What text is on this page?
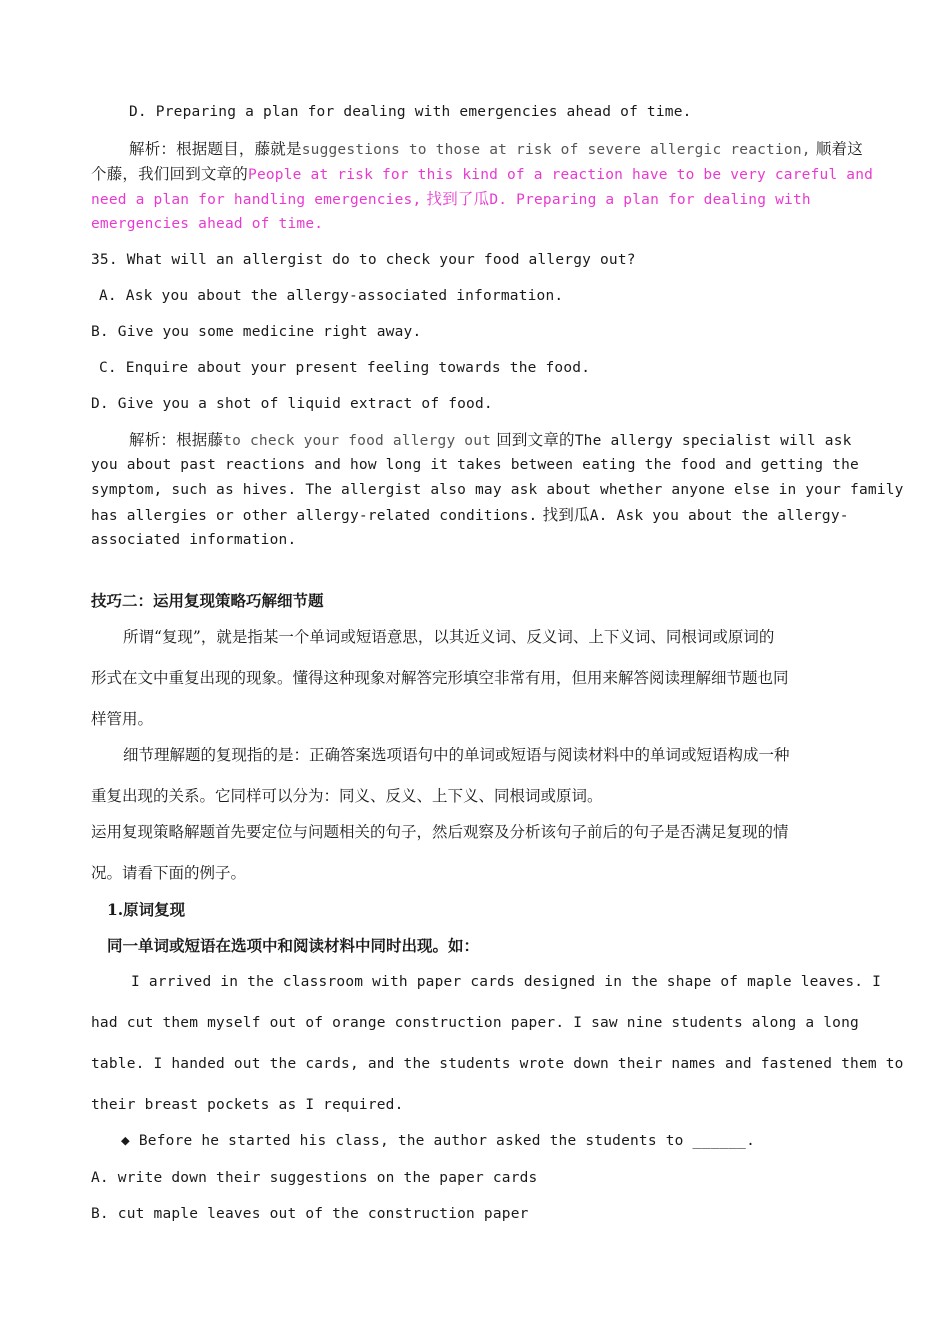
D. Preparing a plan for dealing with emergencies ahead of time.
解析：根据题目，藤就是suggestions to those at risk of severe allergic reaction, 顺着这
个藤，我们回到文章的People at risk for this kind of a reaction have to be very careful and
need a plan for handling emergencies, 找到了瓜D. Preparing a plan for dealing with
emergencies ahead of time.
35. What will an allergist do to check your food allergy out?
A. Ask you about the allergy-associated information.
B. Give you some medicine right away.
C. Enquire about your present feeling towards the food.
D. Give you a shot of liquid extract of food.
解析：根据藤to check your food allergy out 回到文章的The allergy specialist will ask
you about past reactions and how long it takes between eating the food and getting the
symptom, such as hives. The allergist also may ask about whether anyone else in your family
has allergies or other allergy-related conditions. 找到瓜A. Ask you about the allergy-
associated information.
技巧二：运用复现策略巧解细节题
所谓“复现”，就是指某一个单词或短语意思，以其近义词、反义词、上下义词、同根词或原词的
形式在文中重复出现的现象。懂得这种现象对解答完形填空非常有用，但用来解答阅读理解细节题也同
样管用。
细节理解题的复现指的是：正确答案选项语句中的单词或短语与阅读材料中的单词或短语构成一种
重复出现的关系。它同样可以分为：同义、反义、上下义、同根词或原词。
运用复现策略解题首先要定位与问题相关的句子，然后观察及分析该句子前后的句子是否满足复现的情
况。请看下面的例子。
1.原词复现
同一单词或短语在选项中和阅读材料中同时出现。如：
I arrived in the classroom with paper cards designed in the shape of maple leaves. I
had cut them myself out of orange construction paper. I saw nine students along a long
table. I handed out the cards, and the students wrote down their names and fastened them to
their breast pockets as I required.
◆ Before he started his class, the author asked the students to ______.
A. write down their suggestions on the paper cards
B. cut maple leaves out of the construction paper
